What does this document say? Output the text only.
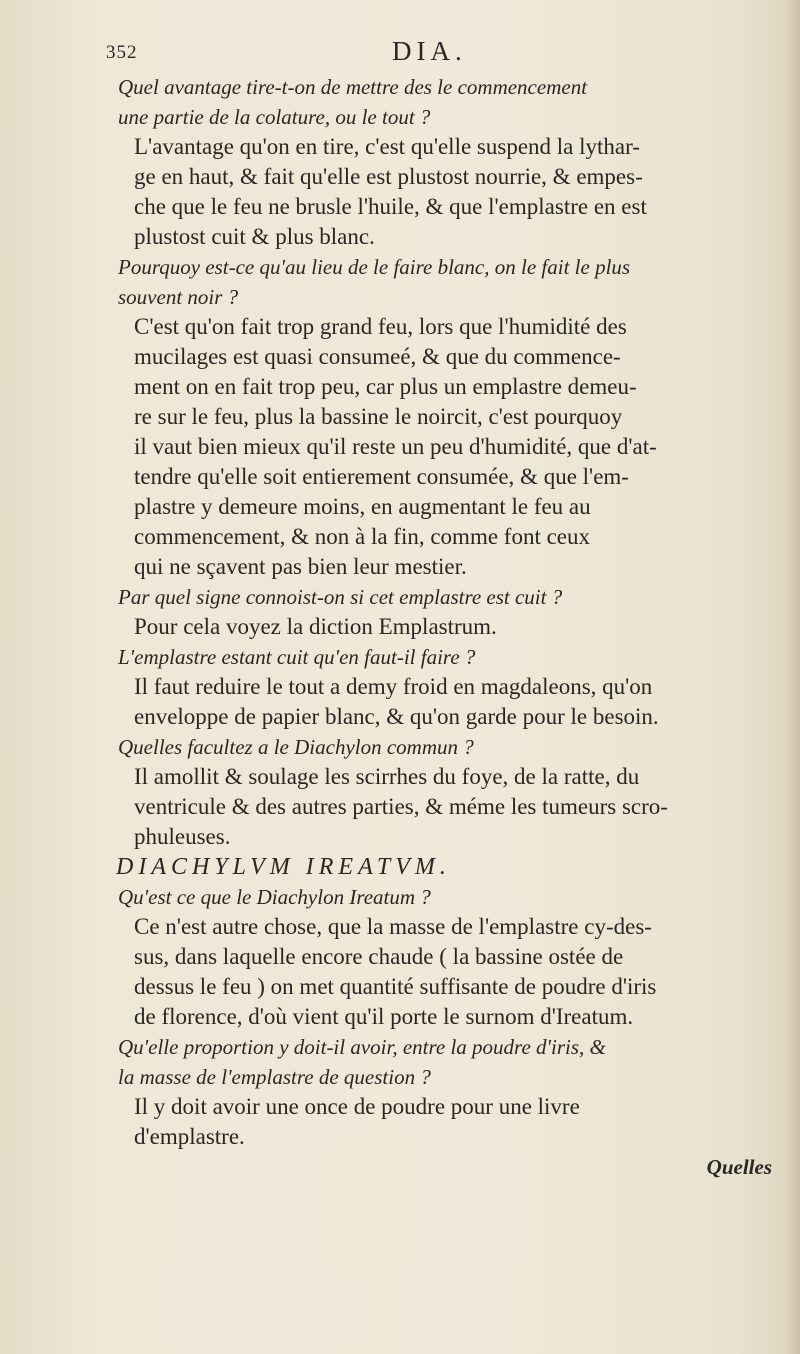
352	DIA.
Quel avantage tire-t-on de mettre des le commencement
une partie de la colature, ou le tout ?
L'avantage qu'on en tire, c'est qu'elle suspend la lythar-
ge en haut, & fait qu'elle est plustost nourrie, & empes-
che que le feu ne brusle l'huile, & que l'emplastre en est
plustost cuit & plus blanc.
Pourquoy est-ce qu'au lieu de le faire blanc, on le fait le plus
souvent noir ?
C'est qu'on fait trop grand feu, lors que l'humidité des
mucilages est quasi consumeé, & que du commence-
ment on en fait trop peu, car plus un emplastre demeu-
re sur le feu, plus la bassine le noircit, c'est pourquoy
il vaut bien mieux qu'il reste un peu d'humidité, que d'at-
tendre qu'elle soit entierement consumée, & que l'em-
plastre y demeure moins, en augmentant le feu au
commencement, & non à la fin, comme font ceux
qui ne sçavent pas bien leur mestier.
Par quel signe connoist-on si cet emplastre est cuit ?
Pour cela voyez la diction Emplastrum.
L'emplastre estant cuit qu'en faut-il faire ?
Il faut reduire le tout a demy froid en magdaleons, qu'on
enveloppe de papier blanc, & qu'on garde pour le besoin.
Quelles facultez a le Diachylon commun ?
Il amollit & soulage les scirrhes du foye, de la ratte, du
ventricule & des autres parties, & méme les tumeurs scro-
phuleuses.
DIACHYLVM IREATVM.
Qu'est ce que le Diachylon Ireatum ?
Ce n'est autre chose, que la masse de l'emplastre cy-des-
sus, dans laquelle encore chaude ( la bassine ostée de
dessus le feu ) on met quantité suffisante de poudre d'iris
de florence, d'où vient qu'il porte le surnom d'Ireatum.
Qu'elle proportion y doit-il avoir, entre la poudre d'iris, &
la masse de l'emplastre de question ?
Il y doit avoir une once de poudre pour une livre
d'emplastre.
Quelles
